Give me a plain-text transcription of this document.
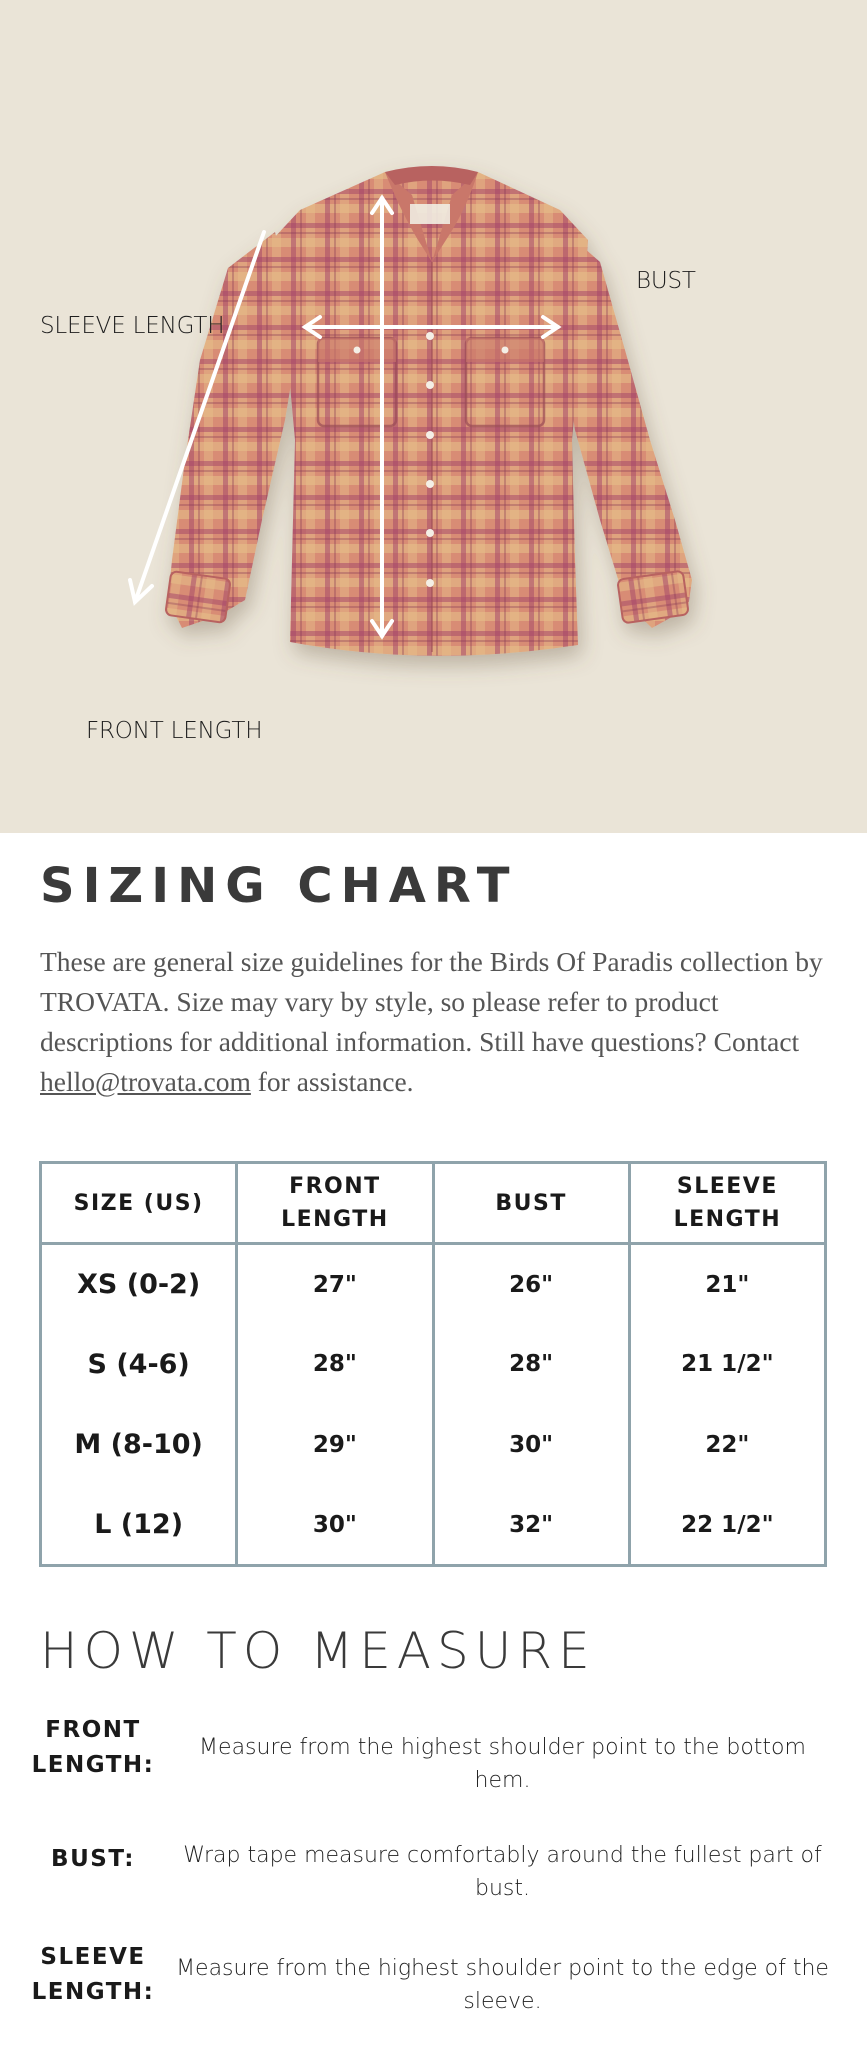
SLEEVE LENGTH
BUST
FRONT LENGTH
SIZING CHART

These are general size guidelines for the Birds Of Paradis collection by TROVATA. Size may vary by style, so please refer to product descriptions for additional information. Still have questions? Contact hello@trovata.com for assistance.

SIZE (US)	FRONT LENGTH	BUST	SLEEVE LENGTH
XS (0-2)	27"	26"	21"
S (4-6)	28"	28"	21 1/2"
M (8-10)	29"	30"	22"
L (12)	30"	32"	22 1/2"
HOW TO MEASURE
FRONT LENGTH:
Measure from the highest shoulder point to the bottom hem.
BUST:	Wrap tape measure comfortably around the fullest part of bust.
SLEEVE LENGTH:
Measure from the highest shoulder point to the edge of the sleeve.
